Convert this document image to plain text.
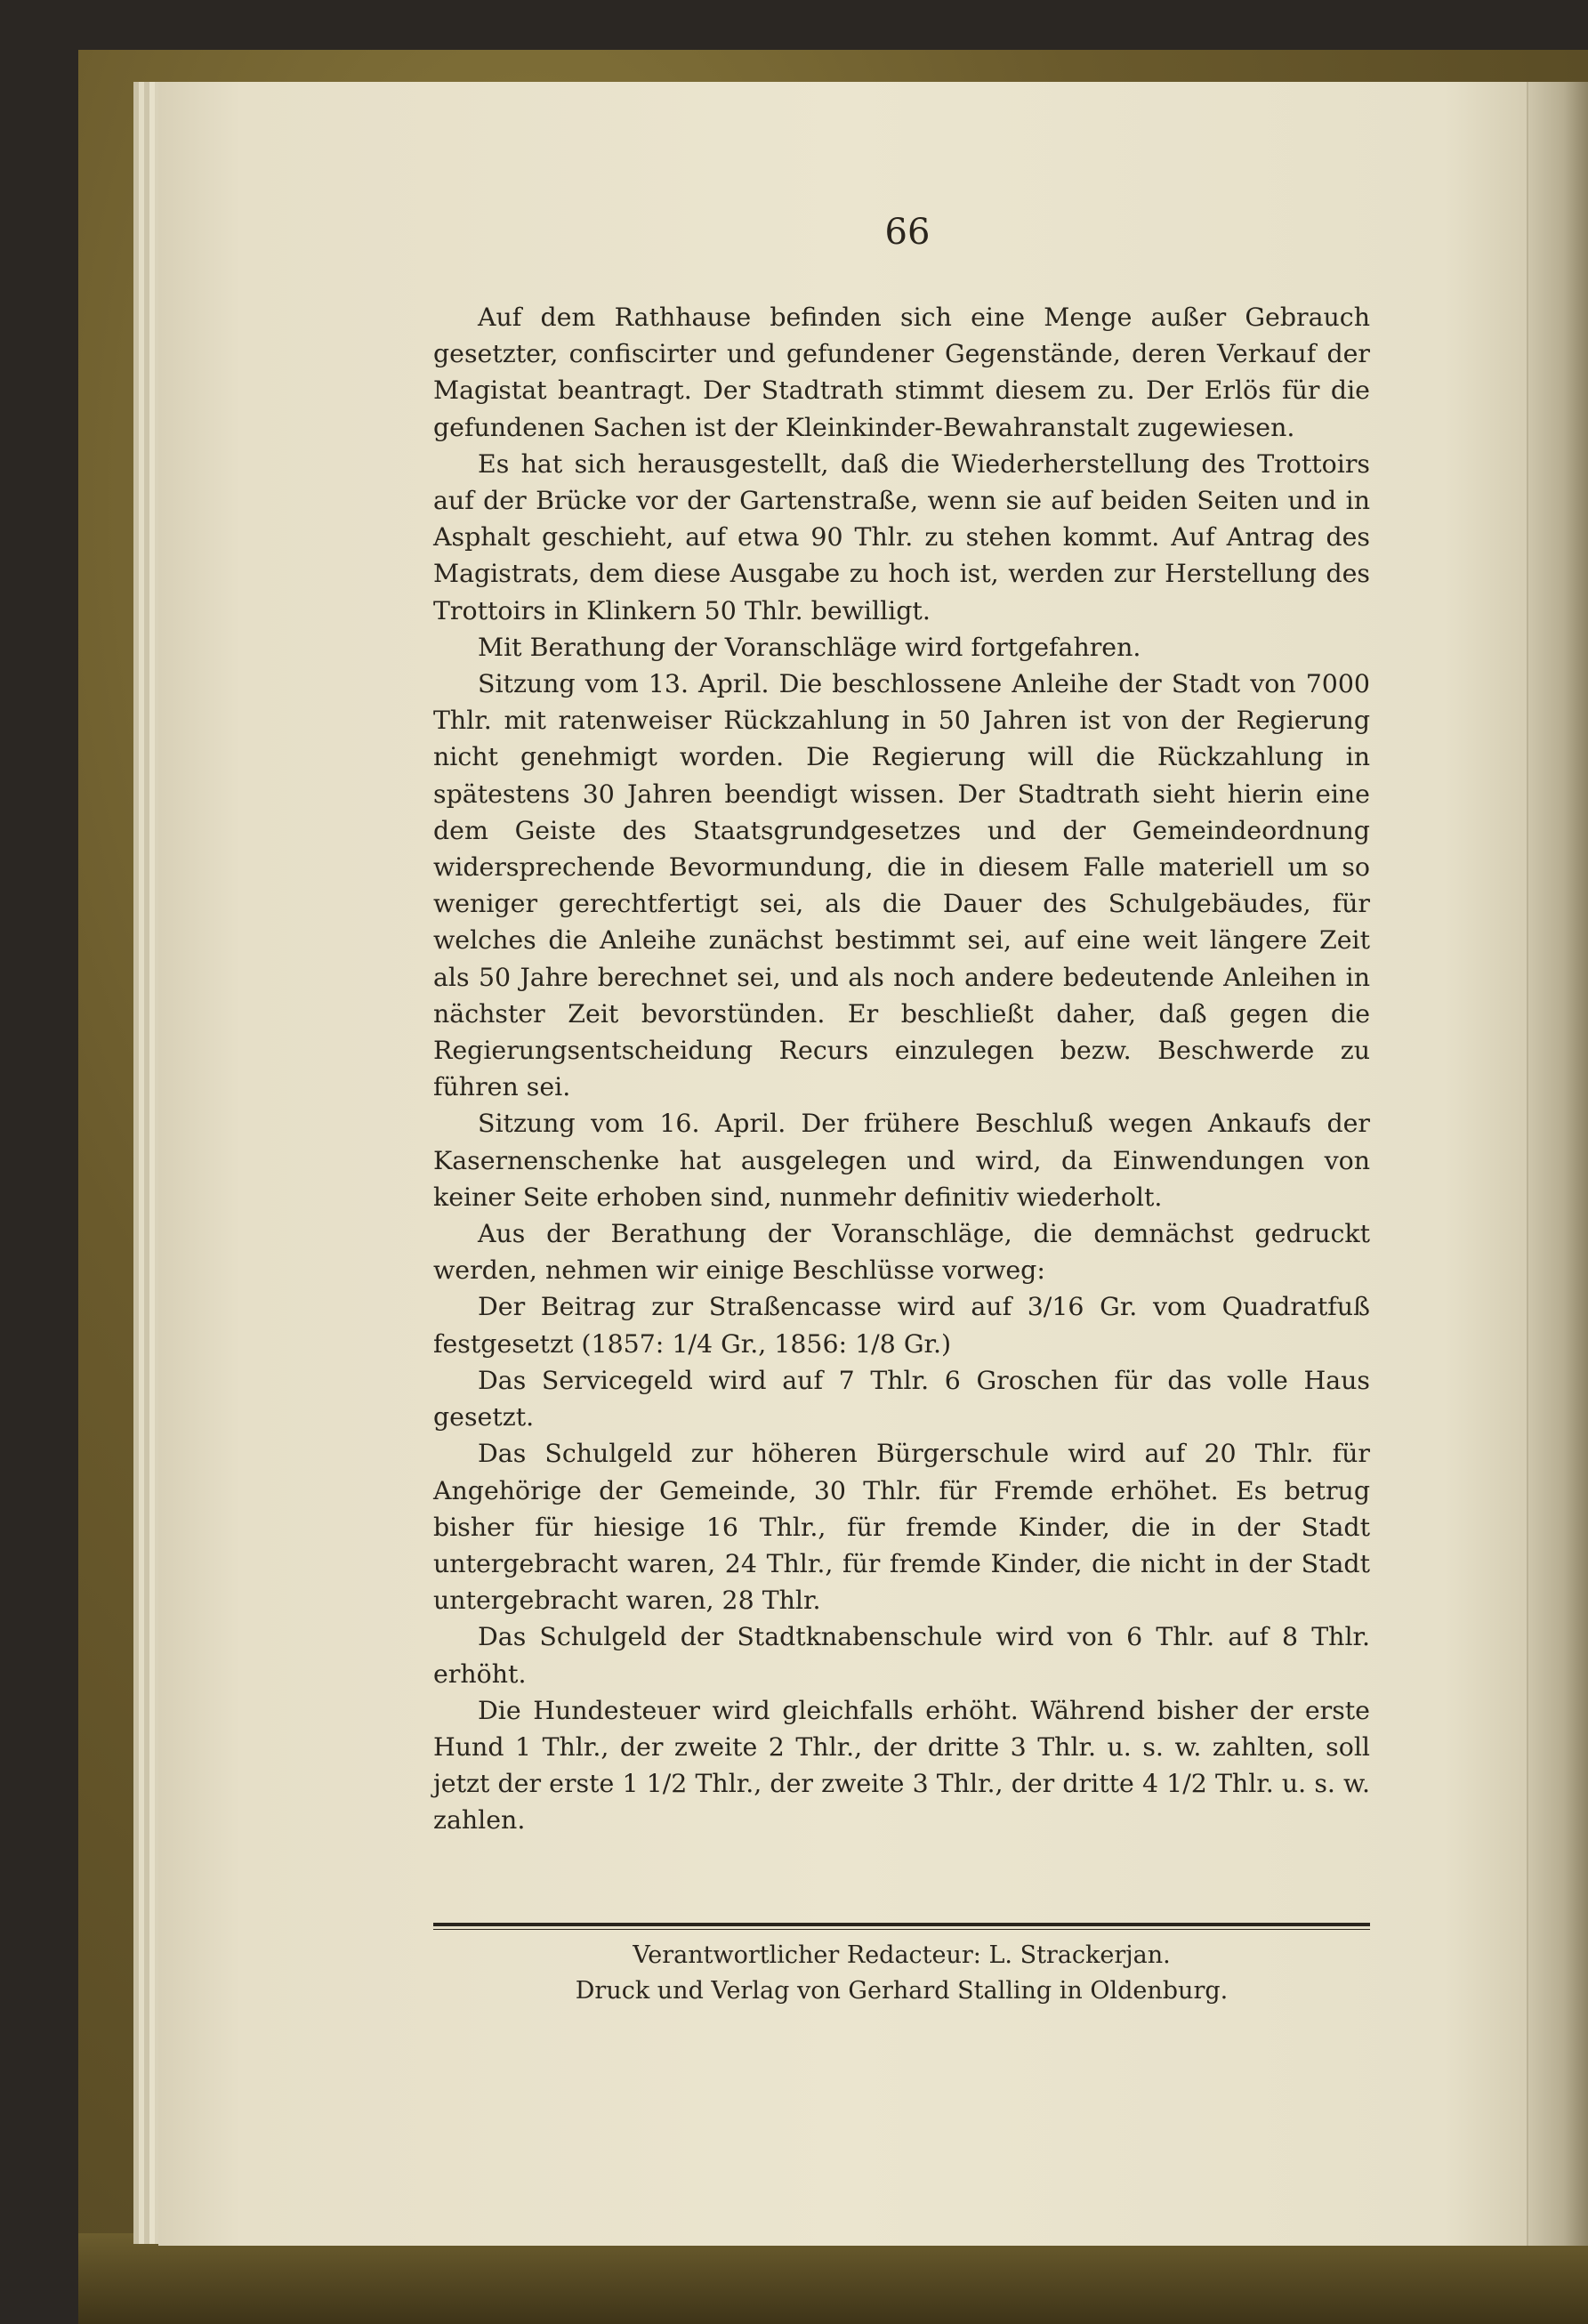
66

Auf dem Rathhause befinden sich eine Menge außer Gebrauch gesetzter, confiscirter und gefundener Gegenstände, deren Verkauf der Magistat beantragt. Der Stadtrath stimmt diesem zu. Der Erlös für die gefundenen Sachen ist der Kleinkinder-Bewahranstalt zugewiesen.

Es hat sich herausgestellt, daß die Wiederherstellung des Trottoirs auf der Brücke vor der Gartenstraße, wenn sie auf beiden Seiten und in Asphalt geschieht, auf etwa 90 Thlr. zu stehen kommt. Auf Antrag des Magistrats, dem diese Ausgabe zu hoch ist, werden zur Herstellung des Trottoirs in Klinkern 50 Thlr. bewilligt.

Mit Berathung der Voranschläge wird fortgefahren.

Sitzung vom 13. April. Die beschlossene Anleihe der Stadt von 7000 Thlr. mit ratenweiser Rückzahlung in 50 Jahren ist von der Regierung nicht genehmigt worden. Die Regierung will die Rückzahlung in spätestens 30 Jahren beendigt wissen. Der Stadtrath sieht hierin eine dem Geiste des Staatsgrundgesetzes und der Gemeindeordnung widersprechende Bevormundung, die in diesem Falle materiell um so weniger gerechtfertigt sei, als die Dauer des Schulgebäudes, für welches die Anleihe zunächst bestimmt sei, auf eine weit längere Zeit als 50 Jahre berechnet sei, und als noch andere bedeutende Anleihen in nächster Zeit bevorstünden. Er beschließt daher, daß gegen die Regierungsentscheidung Recurs einzulegen bezw. Beschwerde zu führen sei.

Sitzung vom 16. April. Der frühere Beschluß wegen Ankaufs der Kasernenschenke hat ausgelegen und wird, da Einwendungen von keiner Seite erhoben sind, nunmehr definitiv wiederholt.

Aus der Berathung der Voranschläge, die demnächst gedruckt werden, nehmen wir einige Beschlüsse vorweg:

Der Beitrag zur Straßencasse wird auf 3/16 Gr. vom Quadratfuß festgesetzt (1857: 1/4 Gr., 1856: 1/8 Gr.)

Das Servicegeld wird auf 7 Thlr. 6 Groschen für das volle Haus gesetzt.

Das Schulgeld zur höheren Bürgerschule wird auf 20 Thlr. für Angehörige der Gemeinde, 30 Thlr. für Fremde erhöhet. Es betrug bisher für hiesige 16 Thlr., für fremde Kinder, die in der Stadt untergebracht waren, 24 Thlr., für fremde Kinder, die nicht in der Stadt untergebracht waren, 28 Thlr.

Das Schulgeld der Stadtknabenschule wird von 6 Thlr. auf 8 Thlr. erhöht.

Die Hundesteuer wird gleichfalls erhöht. Während bisher der erste Hund 1 Thlr., der zweite 2 Thlr., der dritte 3 Thlr. u. s. w. zahlten, soll jetzt der erste 1 1/2 Thlr., der zweite 3 Thlr., der dritte 4 1/2 Thlr. u. s. w. zahlen.

Verantwortlicher Redacteur: L. Strackerjan.
Druck und Verlag von Gerhard Stalling in Oldenburg.
